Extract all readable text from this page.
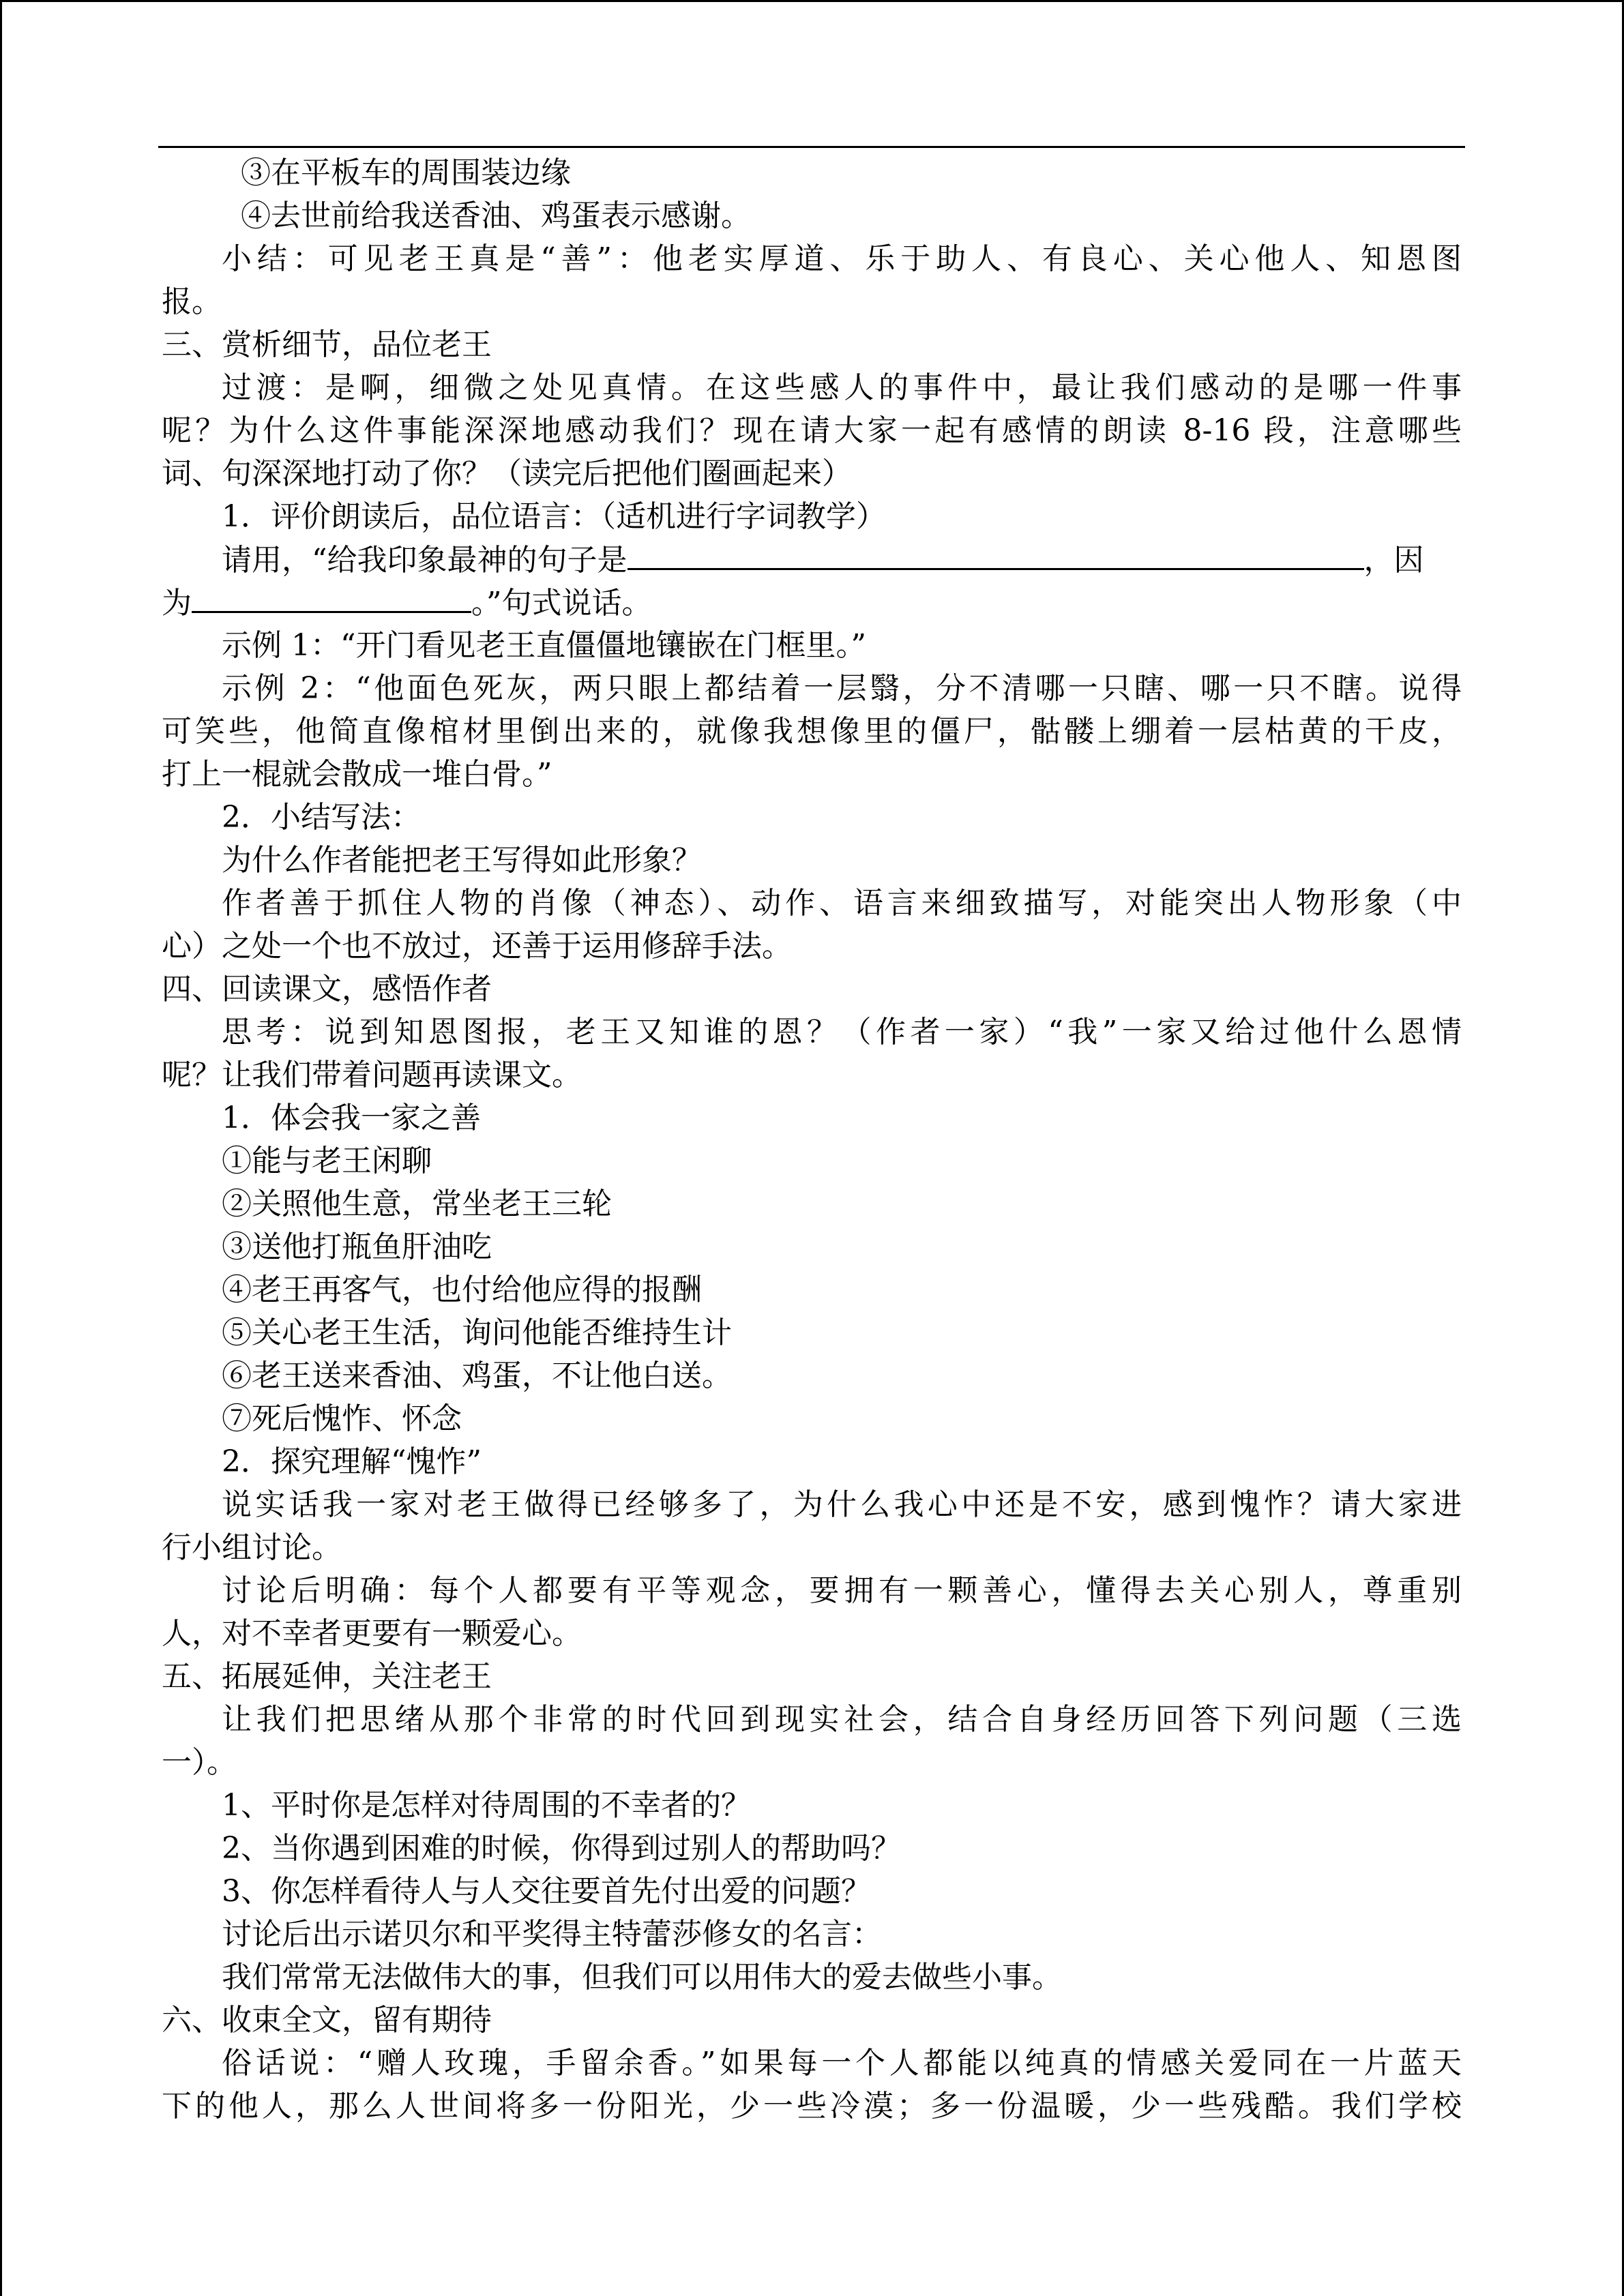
③在平板车的周围装边缘
④去世前给我送香油、鸡蛋表示感谢。
小结：可见老王真是“善”：他老实厚道、乐于助人、有良心、关心他人、知恩图
报。
三、赏析细节，品位老王
过渡：是啊，细微之处见真情。在这些感人的事件中，最让我们感动的是哪一件事
呢？为什么这件事能深深地感动我们？现在请大家一起有感情的朗读 8-16 段，注意哪些
词、句深深地打动了你？（读完后把他们圈画起来）
1．评价朗读后，品位语言：（适机进行字词教学）
请用，“给我印象最神的句子是	，因
为	。”句式说话。
示例 1：“开门看见老王直僵僵地镶嵌在门框里。”
示例 2：“他面色死灰，两只眼上都结着一层翳，分不清哪一只瞎、哪一只不瞎。说得
可笑些，他简直像棺材里倒出来的，就像我想像里的僵尸，骷髅上绷着一层枯黄的干皮，
打上一棍就会散成一堆白骨。”
2．小结写法：
为什么作者能把老王写得如此形象？
作者善于抓住人物的肖像（神态）、动作、语言来细致描写，对能突出人物形象（中
心）之处一个也不放过，还善于运用修辞手法。
四、回读课文，感悟作者
思考：说到知恩图报，老王又知谁的恩？（作者一家）“我”一家又给过他什么恩情
呢？让我们带着问题再读课文。
1．体会我一家之善
①能与老王闲聊
②关照他生意，常坐老王三轮
③送他打瓶鱼肝油吃
④老王再客气，也付给他应得的报酬
⑤关心老王生活，询问他能否维持生计
⑥老王送来香油、鸡蛋，不让他白送。
⑦死后愧怍、怀念
2．探究理解“愧怍”
说实话我一家对老王做得已经够多了，为什么我心中还是不安，感到愧怍？请大家进
行小组讨论。
讨论后明确：每个人都要有平等观念，要拥有一颗善心，懂得去关心别人，尊重别
人，对不幸者更要有一颗爱心。
五、拓展延伸，关注老王
让我们把思绪从那个非常的时代回到现实社会，结合自身经历回答下列问题（三选
一）。
1、平时你是怎样对待周围的不幸者的？
2、当你遇到困难的时候，你得到过别人的帮助吗？
3、你怎样看待人与人交往要首先付出爱的问题？
讨论后出示诺贝尔和平奖得主特蕾莎修女的名言：
我们常常无法做伟大的事，但我们可以用伟大的爱去做些小事。
六、收束全文，留有期待
俗话说：“赠人玫瑰，手留余香。”如果每一个人都能以纯真的情感关爱同在一片蓝天
下的他人，那么人世间将多一份阳光，少一些冷漠；多一份温暖，少一些残酷。我们学校
